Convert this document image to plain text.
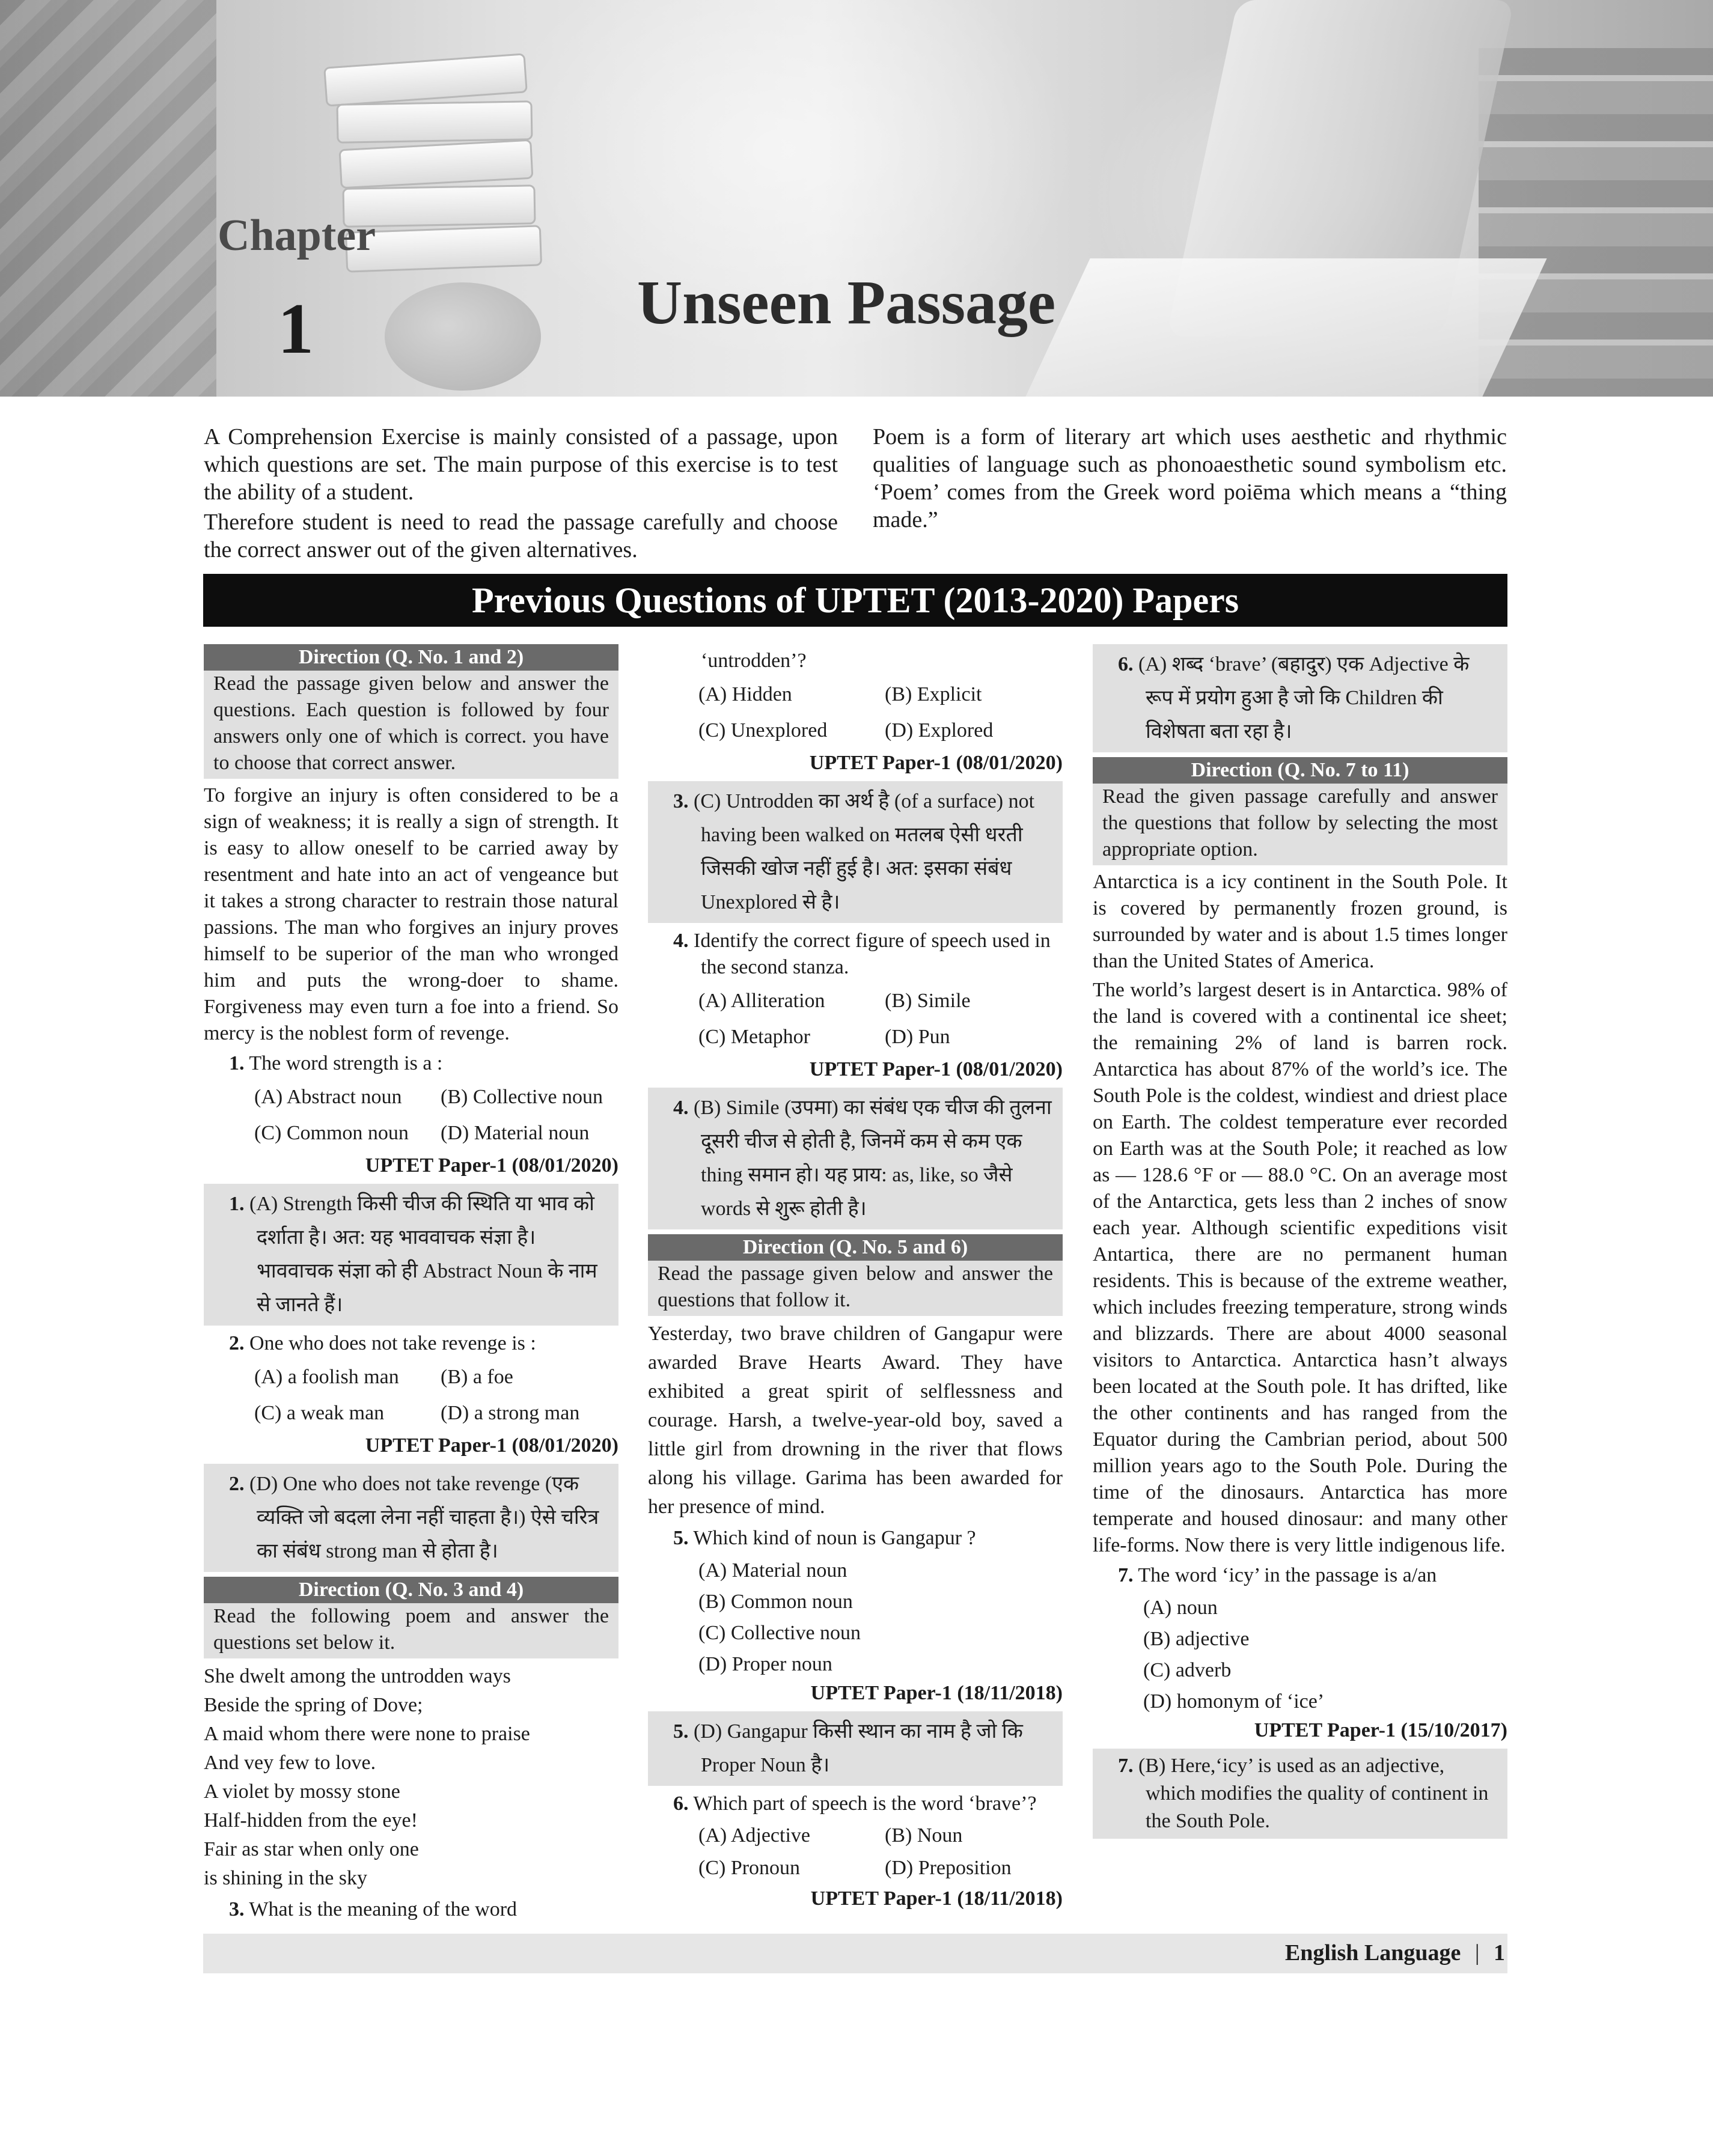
Chapter
1	Unseen Passage

A Comprehension Exercise is mainly consisted of a passage, upon which questions are set. The main purpose of this exercise is to test the ability of a student.

Therefore student is need to read the passage carefully and choose the correct answer out of the given alternatives.

Poem is a form of literary art which uses aesthetic and rhythmic qualities of language such as phonoaesthetic sound symbolism etc. ‘Poem’ comes from the Greek word poiēma which means a “thing made.”

Previous Questions of UPTET (2013-2020) Papers
Direction (Q. No. 1 and 2)
Read the passage given below and answer the questions. Each question is followed by four answers only one of which is correct. you have to choose that correct answer.

To forgive an injury is often considered to be a sign of weakness; it is really a sign of strength. It is easy to allow oneself to be carried away by resentment and hate into an act of vengeance but it takes a strong character to restrain those natural passions. The man who forgives an injury proves himself to be superior of the man who wronged him and puts the wrong-doer to shame. Forgiveness may even turn a foe into a friend. So mercy is the noblest form of revenge.

1. The word strength is a :
(A) Abstract noun (B) Collective noun
(C) Common noun (D) Material noun

UPTET Paper-1 (08/01/2020)

1. (A) Strength किसी चीज की स्थिति या भाव को दर्शाता है। अत: यह भाववाचक संज्ञा है। भाववाचक संज्ञा को ही Abstract Noun के नाम से जानते हैं।
2. One who does not take revenge is :
(A) a foolish man (B) a foe
(C) a weak man	(D) a strong man

UPTET Paper-1 (08/01/2020)

2. (D) One who does not take revenge (एक व्यक्ति जो बदला लेना नहीं चाहता है।) ऐसे चरित्र का संबंध strong man से होता है।
Direction (Q. No. 3 and 4)
Read the following poem and answer the questions set below it.
She dwelt among the untrodden ways
Beside the spring of Dove;
A maid whom there were none to praise
And vey few to love.
A violet by mossy stone
Half-hidden from the eye!
Fair as star when only one
is shining in the sky
3. What is the meaning of the word
‘untrodden’?
(A) Hidden	(B) Explicit
(C) Unexplored	(D) Explored

UPTET Paper-1 (08/01/2020)

3. (C) Untrodden का अर्थ है (of a surface) not having been walked on मतलब ऐसी धरती जिसकी खोज नहीं हुई है। अत: इसका संबंध Unexplored से है।
4. Identify the correct figure of speech used in the second stanza.
(A) Alliteration	(B) Simile
(C) Metaphor	(D) Pun

UPTET Paper-1 (08/01/2020)

4. (B) Simile (उपमा) का संबंध एक चीज की तुलना दूसरी चीज से होती है, जिनमें कम से कम एक thing समान हो। यह प्राय: as, like, so जैसे words से शुरू होती है।
Direction (Q. No. 5 and 6)
Read the passage given below and answer the questions that follow it.

Yesterday, two brave children of Gangapur were awarded Brave Hearts Award. They have exhibited a great spirit of selflessness and courage. Harsh, a twelve-year-old boy, saved a little girl from drowning in the river that flows along his village. Garima has been awarded for her presence of mind.

5. Which kind of noun is Gangapur ?
(A) Material noun
(B) Common noun
(C) Collective noun
(D) Proper noun

UPTET Paper-1 (18/11/2018)

5. (D) Gangapur किसी स्थान का नाम है जो कि Proper Noun है।
6. Which part of speech is the word ‘brave’?
(A) Adjective	(B) Noun
(C) Pronoun	(D) Preposition

UPTET Paper-1 (18/11/2018)

6. (A) शब्द ‘brave’ (बहादुर) एक Adjective के रूप में प्रयोग हुआ है जो कि Children की विशेषता बता रहा है।
Direction (Q. No. 7 to 11)
Read the given passage carefully and answer the questions that follow by selecting the most appropriate option.

Antarctica is a icy continent in the South Pole. It is covered by permanently frozen ground, is surrounded by water and is about 1.5 times longer than the United States of America.

The world’s largest desert is in Antarctica. 98% of the land is covered with a continental ice sheet; the remaining 2% of land is barren rock. Antarctica has about 87% of the world’s ice. The South Pole is the coldest, windiest and driest place on Earth. The coldest temperature ever recorded on Earth was at the South Pole; it reached as low as — 128.6 °F or — 88.0 °C. On an average most of the Antarctica, gets less than 2 inches of snow each year. Although scientific expeditions visit Antartica, there are no permanent human residents. This is because of the extreme weather, which includes freezing temperature, strong winds and blizzards. There are about 4000 seasonal visitors to Antarctica. Antarctica hasn’t always been located at the South pole. It has drifted, like the other continents and has ranged from the Equator during the Cambrian period, about 500 million years ago to the South Pole. During the time of the dinosaurs. Antarctica has more temperate and housed dinosaur: and many other life-forms. Now there is very little indigenous life.

7. The word ‘icy’ in the passage is a/an
(A) noun
(B) adjective
(C) adverb
(D) homonym of ‘ice’

UPTET Paper-1 (15/10/2017)

7. (B) Here,‘icy’ is used as an adjective, which modifies the quality of continent in the South Pole.
English Language | 1
